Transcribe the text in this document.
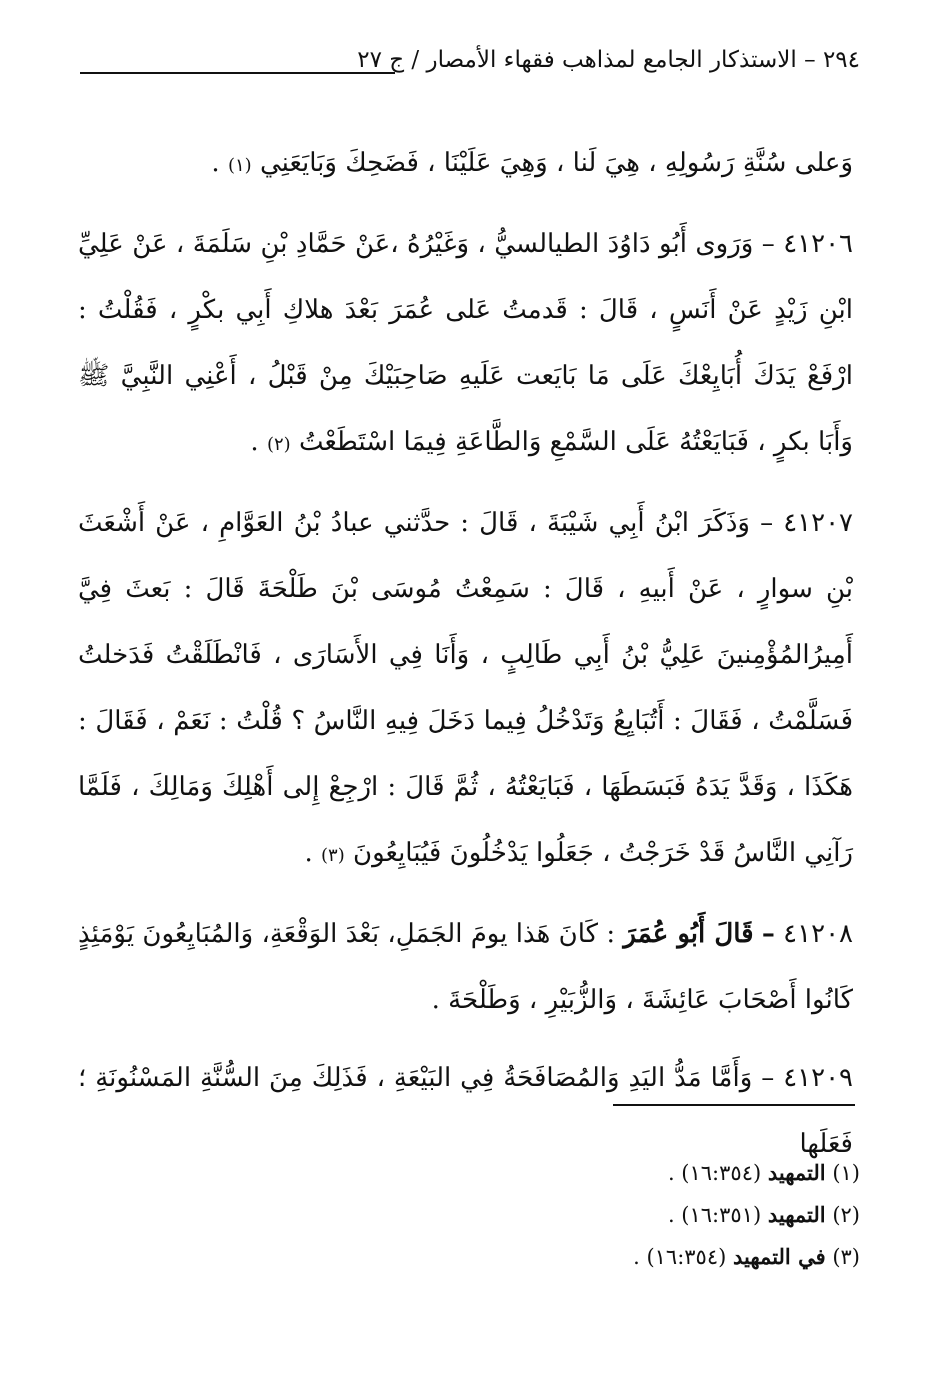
٢٩٤ – الاستذكار الجامع لمذاهب فقهاء الأمصار / ج ٢٧

وَعلى سُنَّةِ رَسُولِهِ ، هِيَ لَنا ، وَهِيَ عَلَيْنَا ، فَضَحِكَ وَبَايَعَنِي (١) .

٤١٢٠٦ – وَرَوى أَبُو دَاوُدَ الطيالسيُّ ، وَغَيْرُهُ ،عَنْ حَمَّادِ بْنِ سَلَمَةَ ، عَنْ عَلِيِّ ابْنِ زَيْدٍ عَنْ أَنَسٍ ، قَالَ : قَدمتُ عَلى عُمَرَ بَعْدَ هلاكِ أَبِي بكْرٍ ، فَقُلْتُ : ارْفَعْ يَدَكَ أُبَايِعْكَ عَلَى مَا بَايَعت عَلَيهِ صَاحِبَيْكَ مِنْ قَبْلُ ، أَعْنِي النَّبِيَّ ﷺ وَأَبَا بكرٍ ، فَبَايَعْتُهُ عَلَى السَّمْعِ وَالطَّاعَةِ فِيمَا اسْتَطَعْتُ (٢) .

٤١٢٠٧ – وَذَكَرَ ابْنُ أَبِي شَيْبَةَ ، قَالَ : حدَّثني عبادُ بْنُ العَوَّامِ ، عَنْ أَشْعَثَ بْنِ سوارٍ ، عَنْ أَبيهِ ، قَالَ : سَمِعْتُ مُوسَى بْنَ طَلْحَةَ قَالَ : بَعثَ فِيَّ أَمِيرُالمُؤْمِنينَ عَلِيُّ بْنُ أَبِي طَالِبٍ ، وَأَنَا فِي الأَسَارَى ، فَانْطَلَقْتُ فَدَخلتُ فَسَلَّمْتُ ، فَقَالَ : أَتُبَايِعُ وَتَدْخُلُ فِيما دَخَلَ فِيهِ النَّاسُ ؟ قُلْتُ : نَعَمْ ، فَقَالَ : هَكَذَا ، وَقَدَّ يَدَهُ فَبَسَطَهَا ، فَبَايَعْتُهُ ، ثُمَّ قَالَ : ارْجِعْ إِلى أَهْلِكَ وَمَالِكَ ، فَلَمَّا رَآنِي النَّاسُ قَدْ خَرَجْتُ ، جَعَلُوا يَدْخُلُونَ فَيُبَايِعُونَ (٣) .

٤١٢٠٨ – قَالَ أَبُو عُمَرَ : كَانَ هَذا يومَ الجَمَلِ، بَعْدَ الوَقْعَةِ، وَالمُبَايِعُونَ يَوْمَئِذٍ كَانُوا أَصْحَابَ عَائِشَةَ ، وَالزُّبَيْرِ ، وَطَلْحَةَ .

٤١٢٠٩ – وَأَمَّا مَدُّ اليَدِ وَالمُصَافَحَةُ فِي البَيْعَةِ ، فَذَلِكَ مِنَ السُّنَّةِ المَسْنُونَةِ ؛ فَعَلَها

(١) التمهيد (١٦:٣٥٤) .
(٢) التمهيد (١٦:٣٥١) .
(٣) في التمهيد (١٦:٣٥٤) .
